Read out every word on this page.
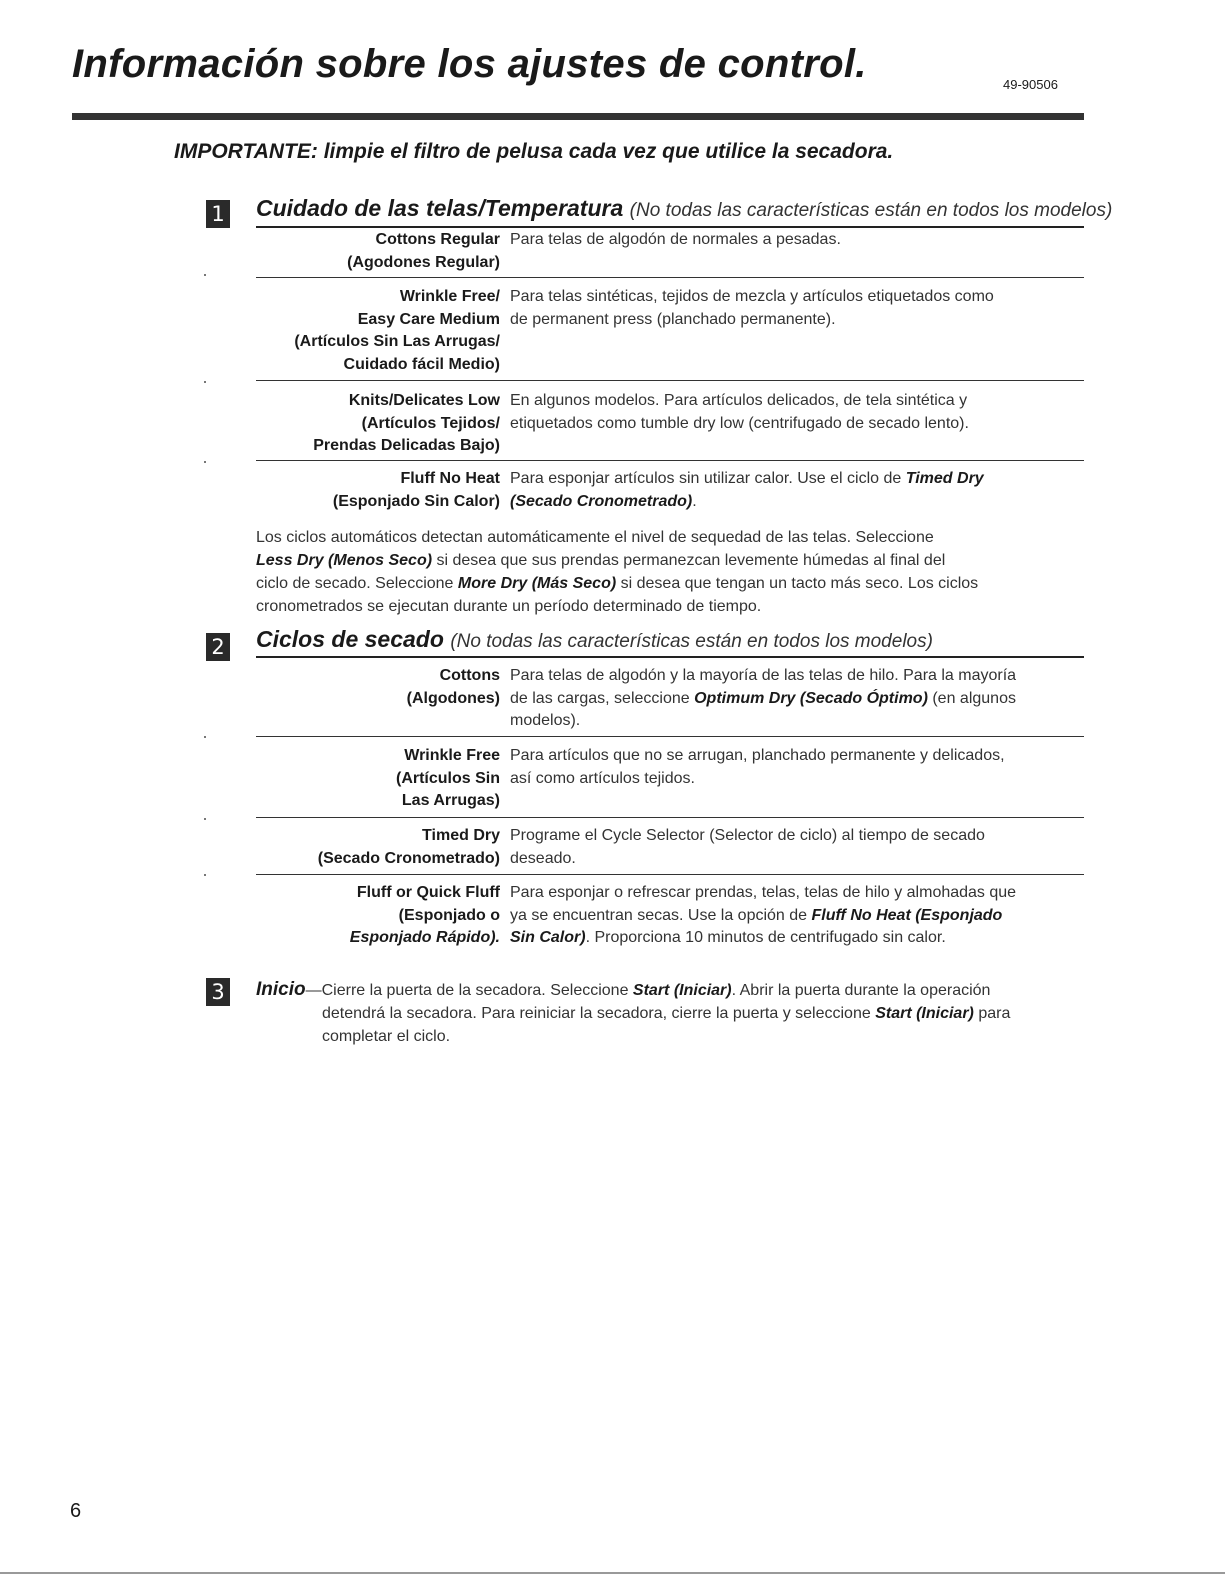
Información sobre los ajustes de control.	49-90506
IMPORTANTE: limpie el filtro de pelusa cada vez que utilice la secadora.
1 Cuidado de las telas/Temperatura (No todas las características están en todos los modelos)
Cottons Regular
(Agodones Regular)
Para telas de algodón de normales a pesadas.
Wrinkle Free/
Easy Care Medium
(Artículos Sin Las Arrugas/
Cuidado fácil Medio)
Para telas sintéticas, tejidos de mezcla y artículos etiquetados como
de permanent press (planchado permanente).
Knits/Delicates Low
(Artículos Tejidos/
Prendas Delicadas Bajo)
En algunos modelos. Para artículos delicados, de tela sintética y
etiquetados como tumble dry low (centrifugado de secado lento).
Fluff No Heat
(Esponjado Sin Calor)
Para esponjar artículos sin utilizar calor. Use el ciclo de Timed Dry
(Secado Cronometrado).
Los ciclos automáticos detectan automáticamente el nivel de sequedad de las telas. Seleccione
Less Dry (Menos Seco) si desea que sus prendas permanezcan levemente húmedas al final del
ciclo de secado. Seleccione More Dry (Más Seco) si desea que tengan un tacto más seco. Los ciclos
cronometrados se ejecutan durante un período determinado de tiempo.
2 Ciclos de secado (No todas las características están en todos los modelos)
Cottons
(Algodones)
Para telas de algodón y la mayoría de las telas de hilo. Para la mayoría
de las cargas, seleccione Optimum Dry (Secado Óptimo) (en algunos
modelos).
Wrinkle Free
(Artículos Sin
Las Arrugas)
Para artículos que no se arrugan, planchado permanente y delicados,
así como artículos tejidos.
Timed Dry
(Secado Cronometrado)
Programe el Cycle Selector (Selector de ciclo) al tiempo de secado
deseado.
Fluff or Quick Fluff
(Esponjado o
Esponjado Rápido).
Para esponjar o refrescar prendas, telas, telas de hilo y almohadas que
ya se encuentran secas. Use la opción de Fluff No Heat (Esponjado
Sin Calor). Proporciona 10 minutos de centrifugado sin calor.
3 Inicio—Cierre la puerta de la secadora. Seleccione Start (Iniciar). Abrir la puerta durante la operación
detendrá la secadora. Para reiniciar la secadora, cierre la puerta y seleccione Start (Iniciar) para
completar el ciclo.
6
